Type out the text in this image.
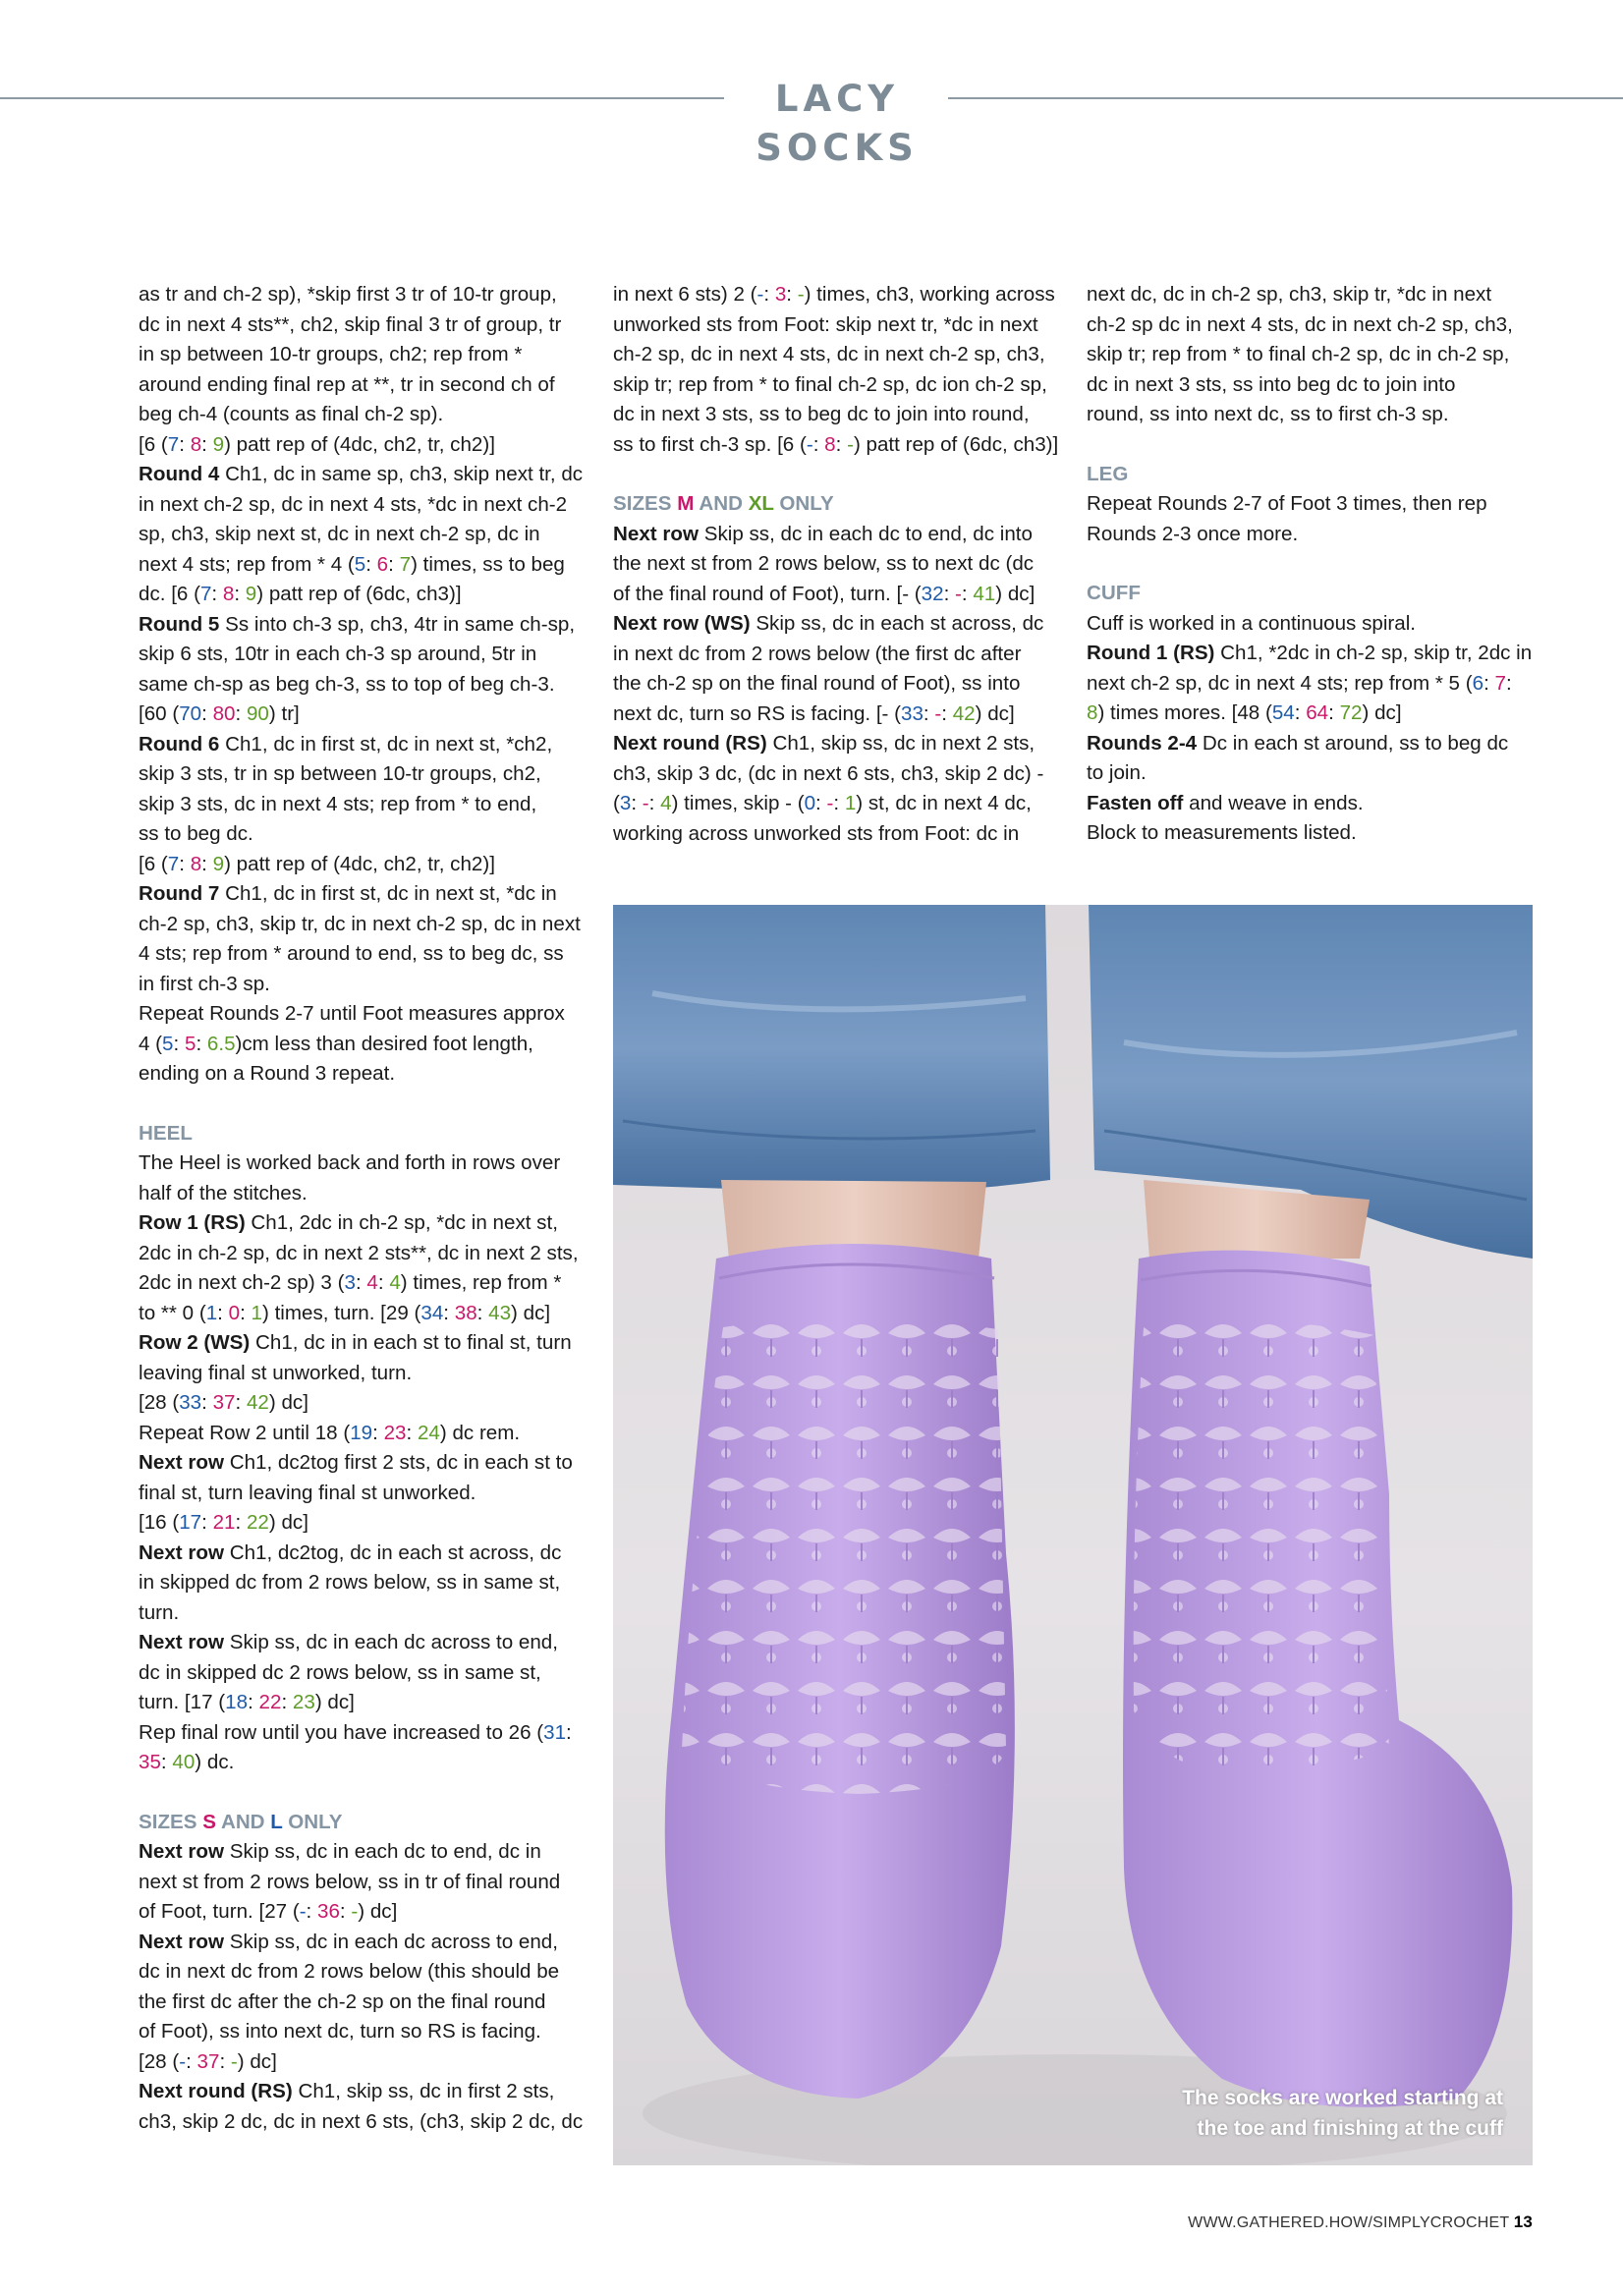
LACY SOCKS

as tr and ch-2 sp), *skip first 3 tr of 10-tr group,

dc in next 4 sts**, ch2, skip final 3 tr of group, tr

in sp between 10-tr groups, ch2; rep from *

around ending final rep at **, tr in second ch of

beg ch-4 (counts as final ch-2 sp).

[6 (7: 8: 9) patt rep of (4dc, ch2, tr, ch2)]

Round 4 Ch1, dc in same sp, ch3, skip next tr, dc

in next ch-2 sp, dc in next 4 sts, *dc in next ch-2

sp, ch3, skip next st, dc in next ch-2 sp, dc in

next 4 sts; rep from * 4 (5: 6: 7) times, ss to beg

dc. [6 (7: 8: 9) patt rep of (6dc, ch3)]

Round 5 Ss into ch-3 sp, ch3, 4tr in same ch-sp,

skip 6 sts, 10tr in each ch-3 sp around, 5tr in

same ch-sp as beg ch-3, ss to top of beg ch-3.

[60 (70: 80: 90) tr]

Round 6 Ch1, dc in first st, dc in next st, *ch2,

skip 3 sts, tr in sp between 10-tr groups, ch2,

skip 3 sts, dc in next 4 sts; rep from * to end,

ss to beg dc.

[6 (7: 8: 9) patt rep of (4dc, ch2, tr, ch2)]

Round 7 Ch1, dc in first st, dc in next st, *dc in

ch-2 sp, ch3, skip tr, dc in next ch-2 sp, dc in next

4 sts; rep from * around to end, ss to beg dc, ss

in first ch-3 sp.

Repeat Rounds 2-7 until Foot measures approx

4 (5: 5: 6.5)cm less than desired foot length,

ending on a Round 3 repeat.

HEEL

The Heel is worked back and forth in rows over

half of the stitches.

Row 1 (RS) Ch1, 2dc in ch-2 sp, *dc in next st,

2dc in ch-2 sp, dc in next 2 sts**, dc in next 2 sts,

2dc in next ch-2 sp) 3 (3: 4: 4) times, rep from *

to ** 0 (1: 0: 1) times, turn. [29 (34: 38: 43) dc]

Row 2 (WS) Ch1, dc in in each st to final st, turn

leaving final st unworked, turn.

[28 (33: 37: 42) dc]

Repeat Row 2 until 18 (19: 23: 24) dc rem.

Next row Ch1, dc2tog first 2 sts, dc in each st to

final st, turn leaving final st unworked.

[16 (17: 21: 22) dc]

Next row Ch1, dc2tog, dc in each st across, dc

in skipped dc from 2 rows below, ss in same st,

turn.

Next row Skip ss, dc in each dc across to end,

dc in skipped dc 2 rows below, ss in same st,

turn. [17 (18: 22: 23) dc]

Rep final row until you have increased to 26 (31:

35: 40) dc.

SIZES S AND L ONLY

Next row Skip ss, dc in each dc to end, dc in

next st from 2 rows below, ss in tr of final round

of Foot, turn. [27 (-: 36: -) dc]

Next row Skip ss, dc in each dc across to end,

dc in next dc from 2 rows below (this should be

the first dc after the ch-2 sp on the final round

of Foot), ss into next dc, turn so RS is facing.

[28 (-: 37: -) dc]

Next round (RS) Ch1, skip ss, dc in first 2 sts,

ch3, skip 2 dc, dc in next 6 sts, (ch3, skip 2 dc, dc

in next 6 sts) 2 (-: 3: -) times, ch3, working across

unworked sts from Foot: skip next tr, *dc in next

ch-2 sp, dc in next 4 sts, dc in next ch-2 sp, ch3,

skip tr; rep from * to final ch-2 sp, dc ion ch-2 sp,

dc in next 3 sts, ss to beg dc to join into round,

ss to first ch-3 sp. [6 (-: 8: -) patt rep of (6dc, ch3)]

SIZES M AND XL ONLY

Next row Skip ss, dc in each dc to end, dc into

the next st from 2 rows below, ss to next dc (dc

of the final round of Foot), turn. [- (32: -: 41) dc]

Next row (WS) Skip ss, dc in each st across, dc

in next dc from 2 rows below (the first dc after

the ch-2 sp on the final round of Foot), ss into

next dc, turn so RS is facing. [- (33: -: 42) dc]

Next round (RS) Ch1, skip ss, dc in next 2 sts,

ch3, skip 3 dc, (dc in next 6 sts, ch3, skip 2 dc) -

(3: -: 4) times, skip - (0: -: 1) st, dc in next 4 dc,

working across unworked sts from Foot: dc in

next dc, dc in ch-2 sp, ch3, skip tr, *dc in next

ch-2 sp dc in next 4 sts, dc in next ch-2 sp, ch3,

skip tr; rep from * to final ch-2 sp, dc in ch-2 sp,

dc in next 3 sts, ss into beg dc to join into

round, ss into next dc, ss to first ch-3 sp.

LEG

Repeat Rounds 2-7 of Foot 3 times, then rep

Rounds 2-3 once more.

CUFF

Cuff is worked in a continuous spiral.

Round 1 (RS) Ch1, *2dc in ch-2 sp, skip tr, 2dc in

next ch-2 sp, dc in next 4 sts; rep from * 5 (6: 7:

8) times mores. [48 (54: 64: 72) dc]

Rounds 2-4 Dc in each st around, ss to beg dc

to join.

Fasten off and weave in ends.

Block to measurements listed.

The socks are worked starting at
the toe and finishing at the cuff
WWW.GATHERED.HOW/SIMPLYCROCHET 13
